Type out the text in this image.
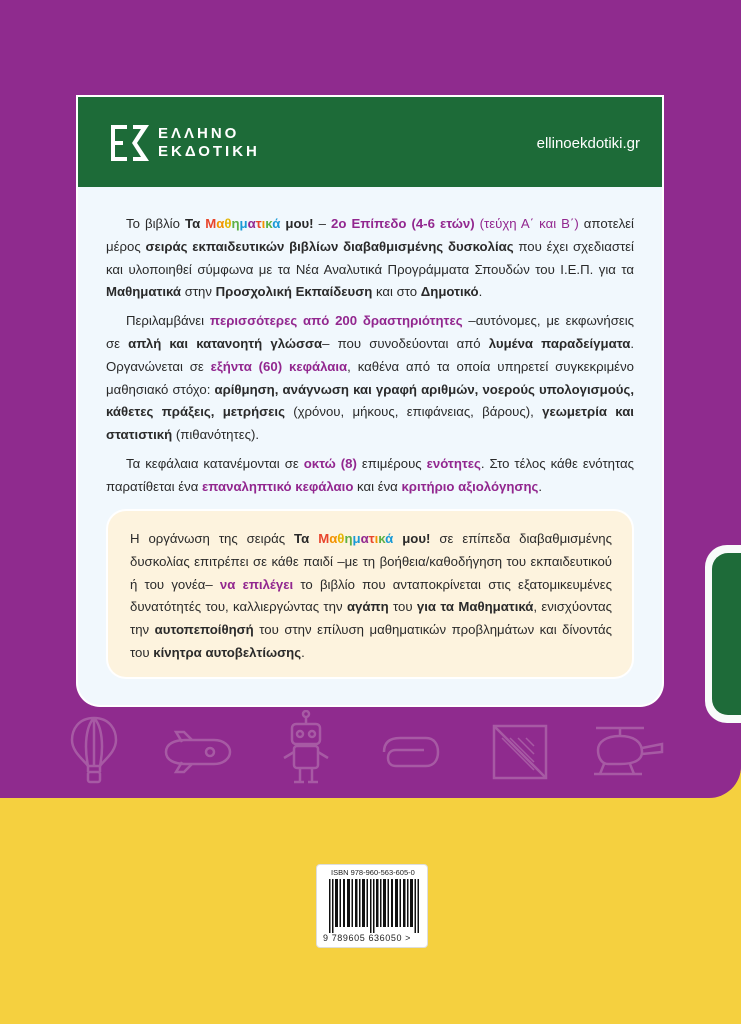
ΕΛΛΗΝΟ
ΕΚΔΟΤΙΚΗ	ellinoekdotiki.gr

Το βιβλίο Τα Μαθηματικά μου! – 2ο Επίπεδο (4-6 ετών) (τεύχη Α΄ και Β΄) αποτελεί μέρος σειράς εκπαιδευτικών βιβλίων διαβαθμισμένης δυσκολίας που έχει σχεδιαστεί και υλοποιηθεί σύμφωνα με τα Νέα Αναλυτικά Προγράμματα Σπουδών του Ι.Ε.Π. για τα Μαθηματικά στην Προσχολική Εκπαίδευση και στο Δημοτικό.

Περιλαμβάνει περισσότερες από 200 δραστηριότητες –αυτόνομες, με εκφωνήσεις σε απλή και κατανοητή γλώσσα– που συνοδεύονται από λυμένα παραδείγματα. Οργανώνεται σε εξήντα (60) κεφάλαια, καθένα από τα οποία υπηρετεί συγκεκριμένο μαθησιακό στόχο: αρίθμηση, ανάγνωση και γραφή αριθμών, νοερούς υπολογισμούς, κάθετες πράξεις, μετρήσεις (χρόνου, μήκους, επιφάνειας, βάρους), γεωμετρία και στατιστική (πιθανότητες).

Τα κεφάλαια κατανέμονται σε οκτώ (8) επιμέρους ενότητες. Στο τέλος κάθε ενότητας παρατίθεται ένα επαναληπτικό κεφάλαιο και ένα κριτήριο αξιολόγησης.

Η οργάνωση της σειράς Τα Μαθηματικά μου! σε επίπεδα διαβαθμισμένης δυσκολίας επιτρέπει σε κάθε παιδί –με τη βοήθεια/καθοδήγηση του εκπαιδευτικού ή του γονέα– να επιλέγει το βιβλίο που ανταποκρίνεται στις εξατομικευμένες δυνατότητές του, καλλιεργώντας την αγάπη του για τα Μαθηματικά, ενισχύοντας την αυτοπεποίθησή του στην επίλυση μαθηματικών προβλημάτων και δίνοντάς του κίνητρα αυτοβελτίωσης.
ISBN 978-960-563-605-0
9 789605 636050 >
